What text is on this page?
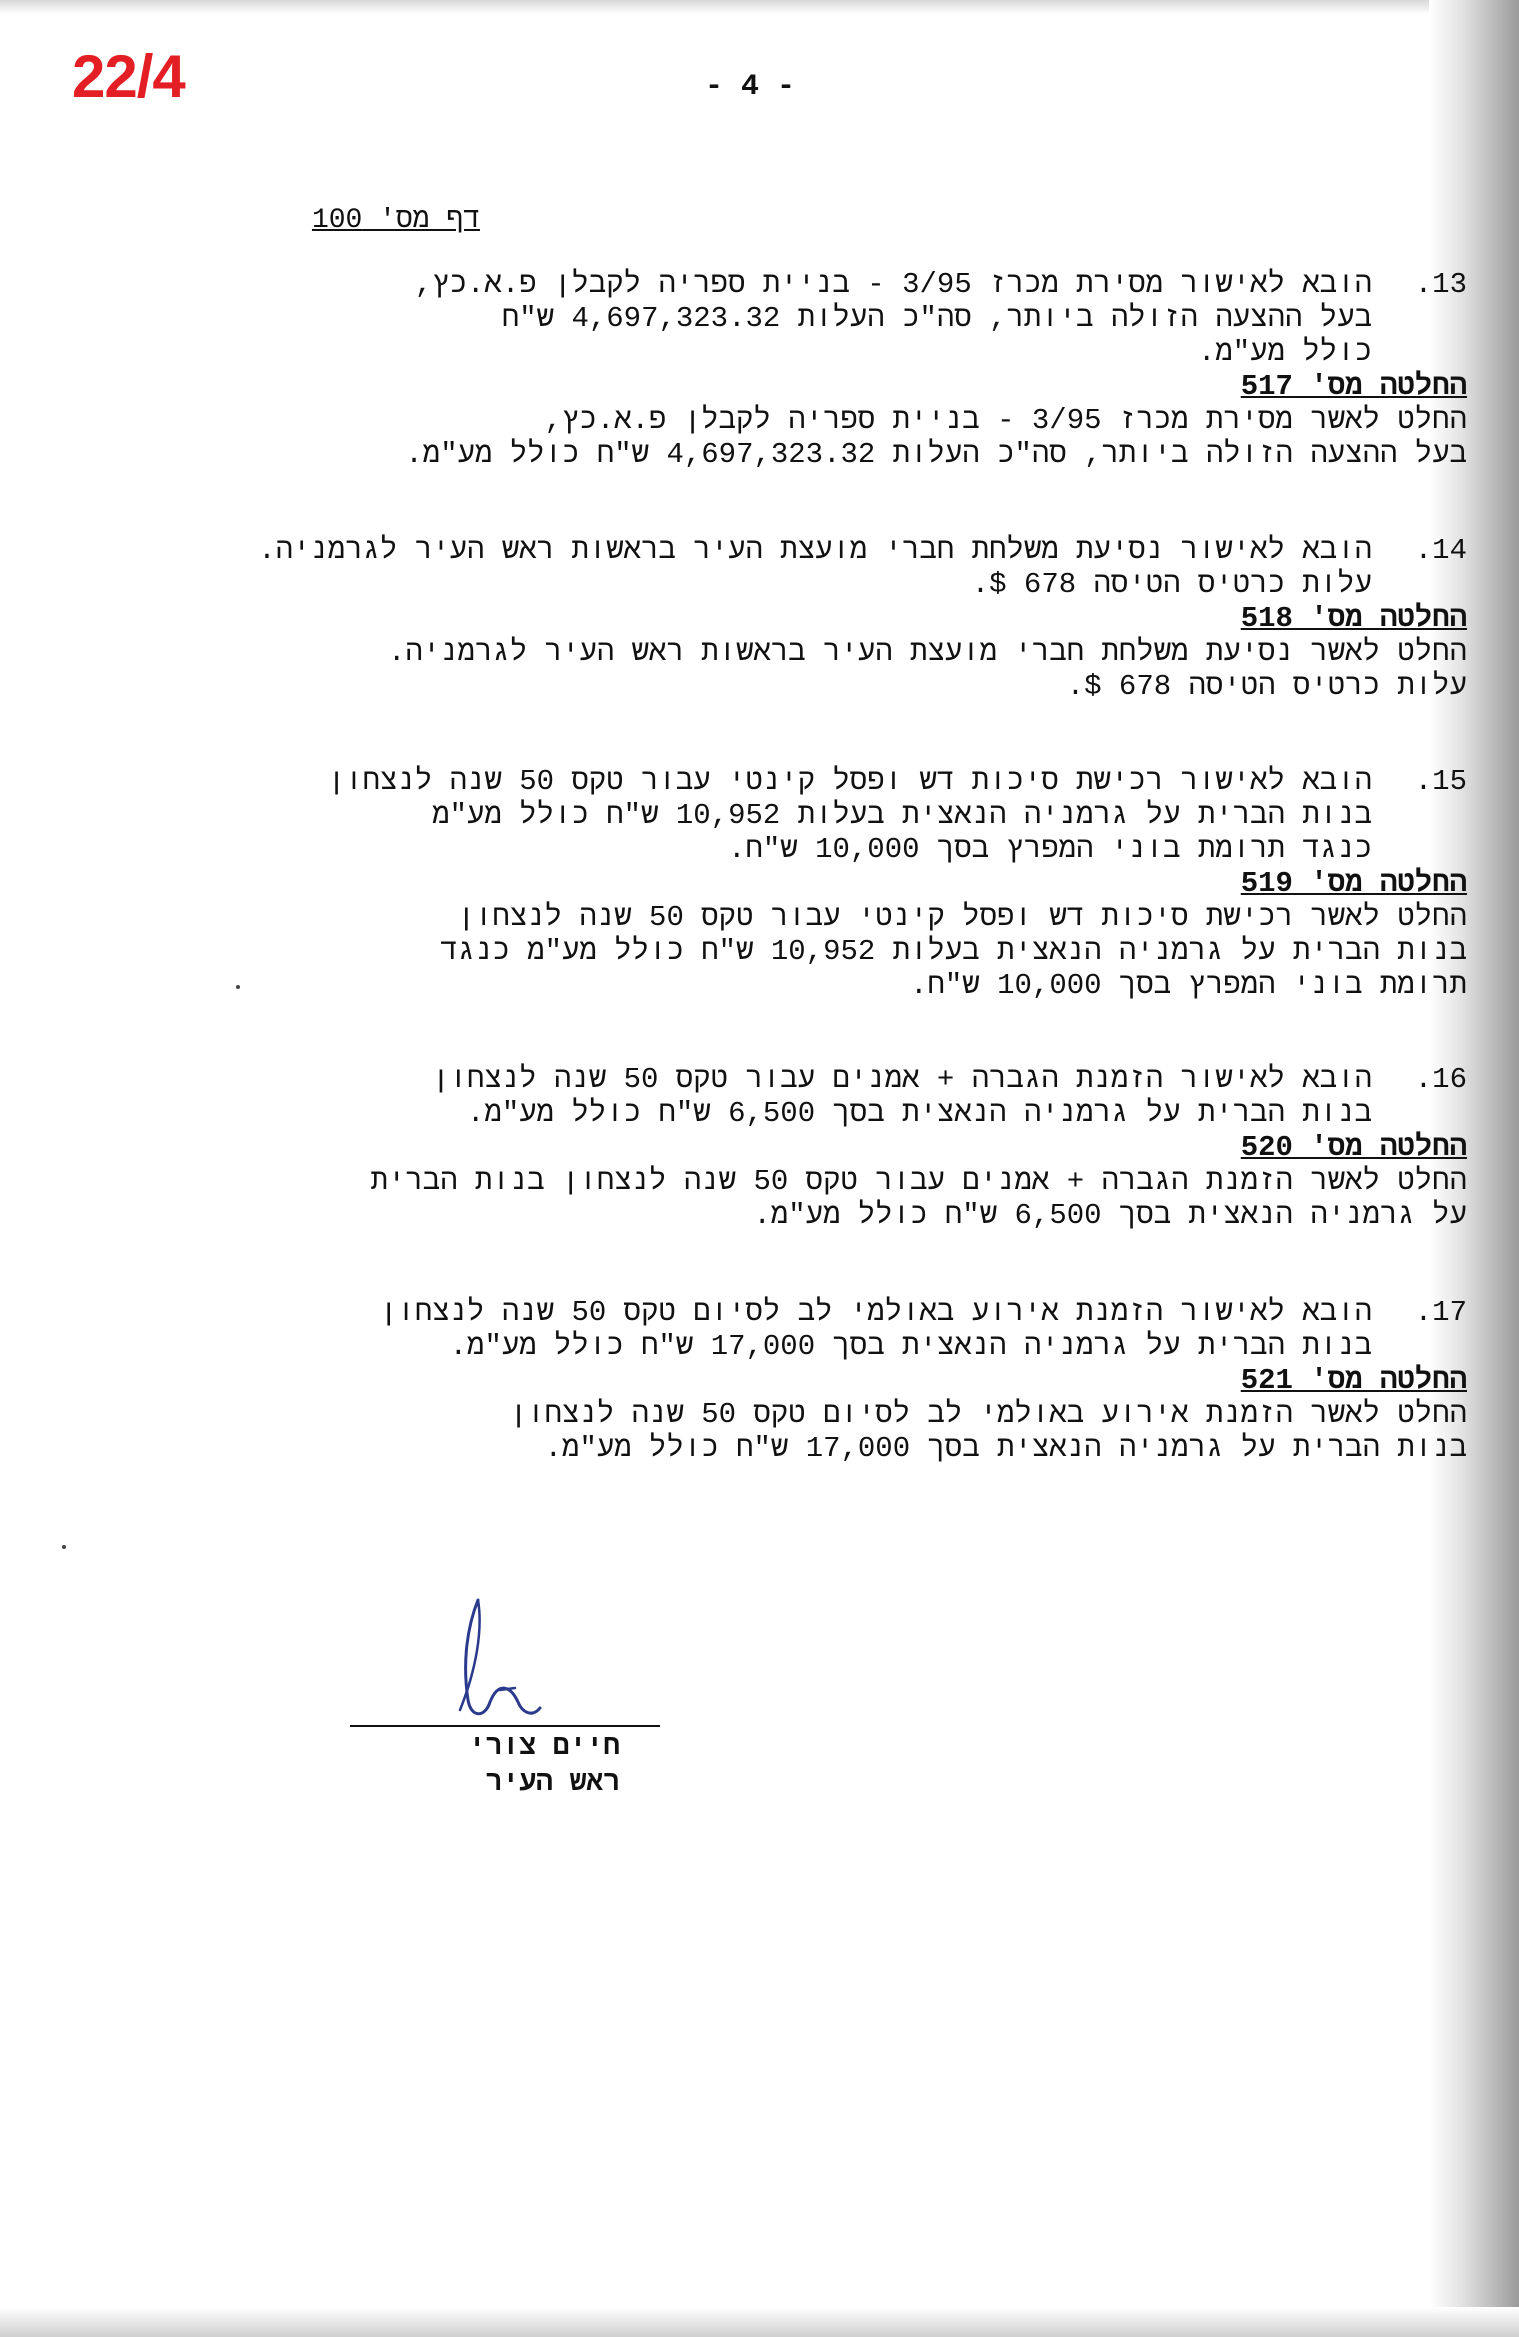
22/4	- 4 -
דף מס' 100
.13
הובא לאישור מסירת מכרז 3/95 - בניית ספריה לקבלן פ.א.כץ,
בעל ההצעה הזולה ביותר, סה"כ העלות 4,697,323.32 ש"ח
כולל מע"מ.
החלטה מס' 517
החלט לאשר מסירת מכרז 3/95 - בניית ספריה לקבלן פ.א.כץ,
בעל ההצעה הזולה ביותר, סה"כ העלות 4,697,323.32 ש"ח כולל מע"מ.
.14
הובא לאישור נסיעת משלחת חברי מועצת העיר בראשות ראש העיר לגרמניה.
עלות כרטיס הטיסה 678 $.
החלטה מס' 518
החלט לאשר נסיעת משלחת חברי מועצת העיר בראשות ראש העיר לגרמניה.
עלות כרטיס הטיסה 678 $.
.15
הובא לאישור רכישת סיכות דש ופסל קינטי עבור טקס 50 שנה לנצחון
בנות הברית על גרמניה הנאצית בעלות 10,952 ש"ח כולל מע"מ
כנגד תרומת בוני המפרץ בסך 10,000 ש"ח.
החלטה מס' 519
החלט לאשר רכישת סיכות דש ופסל קינטי עבור טקס 50 שנה לנצחון
בנות הברית על גרמניה הנאצית בעלות 10,952 ש"ח כולל מע"מ כנגד
תרומת בוני המפרץ בסך 10,000 ש"ח.
.16
הובא לאישור הזמנת הגברה + אמנים עבור טקס 50 שנה לנצחון
בנות הברית על גרמניה הנאצית בסך 6,500 ש"ח כולל מע"מ.
החלטה מס' 520
החלט לאשר הזמנת הגברה + אמנים עבור טקס 50 שנה לנצחון בנות הברית
על גרמניה הנאצית בסך 6,500 ש"ח כולל מע"מ.
.17
הובא לאישור הזמנת אירוע באולמי לב לסיום טקס 50 שנה לנצחון
בנות הברית על גרמניה הנאצית בסך 17,000 ש"ח כולל מע"מ.
החלטה מס' 521
החלט לאשר הזמנת אירוע באולמי לב לסיום טקס 50 שנה לנצחון
בנות הברית על גרמניה הנאצית בסך 17,000 ש"ח כולל מע"מ.
חיים צורי
ראש העיר
